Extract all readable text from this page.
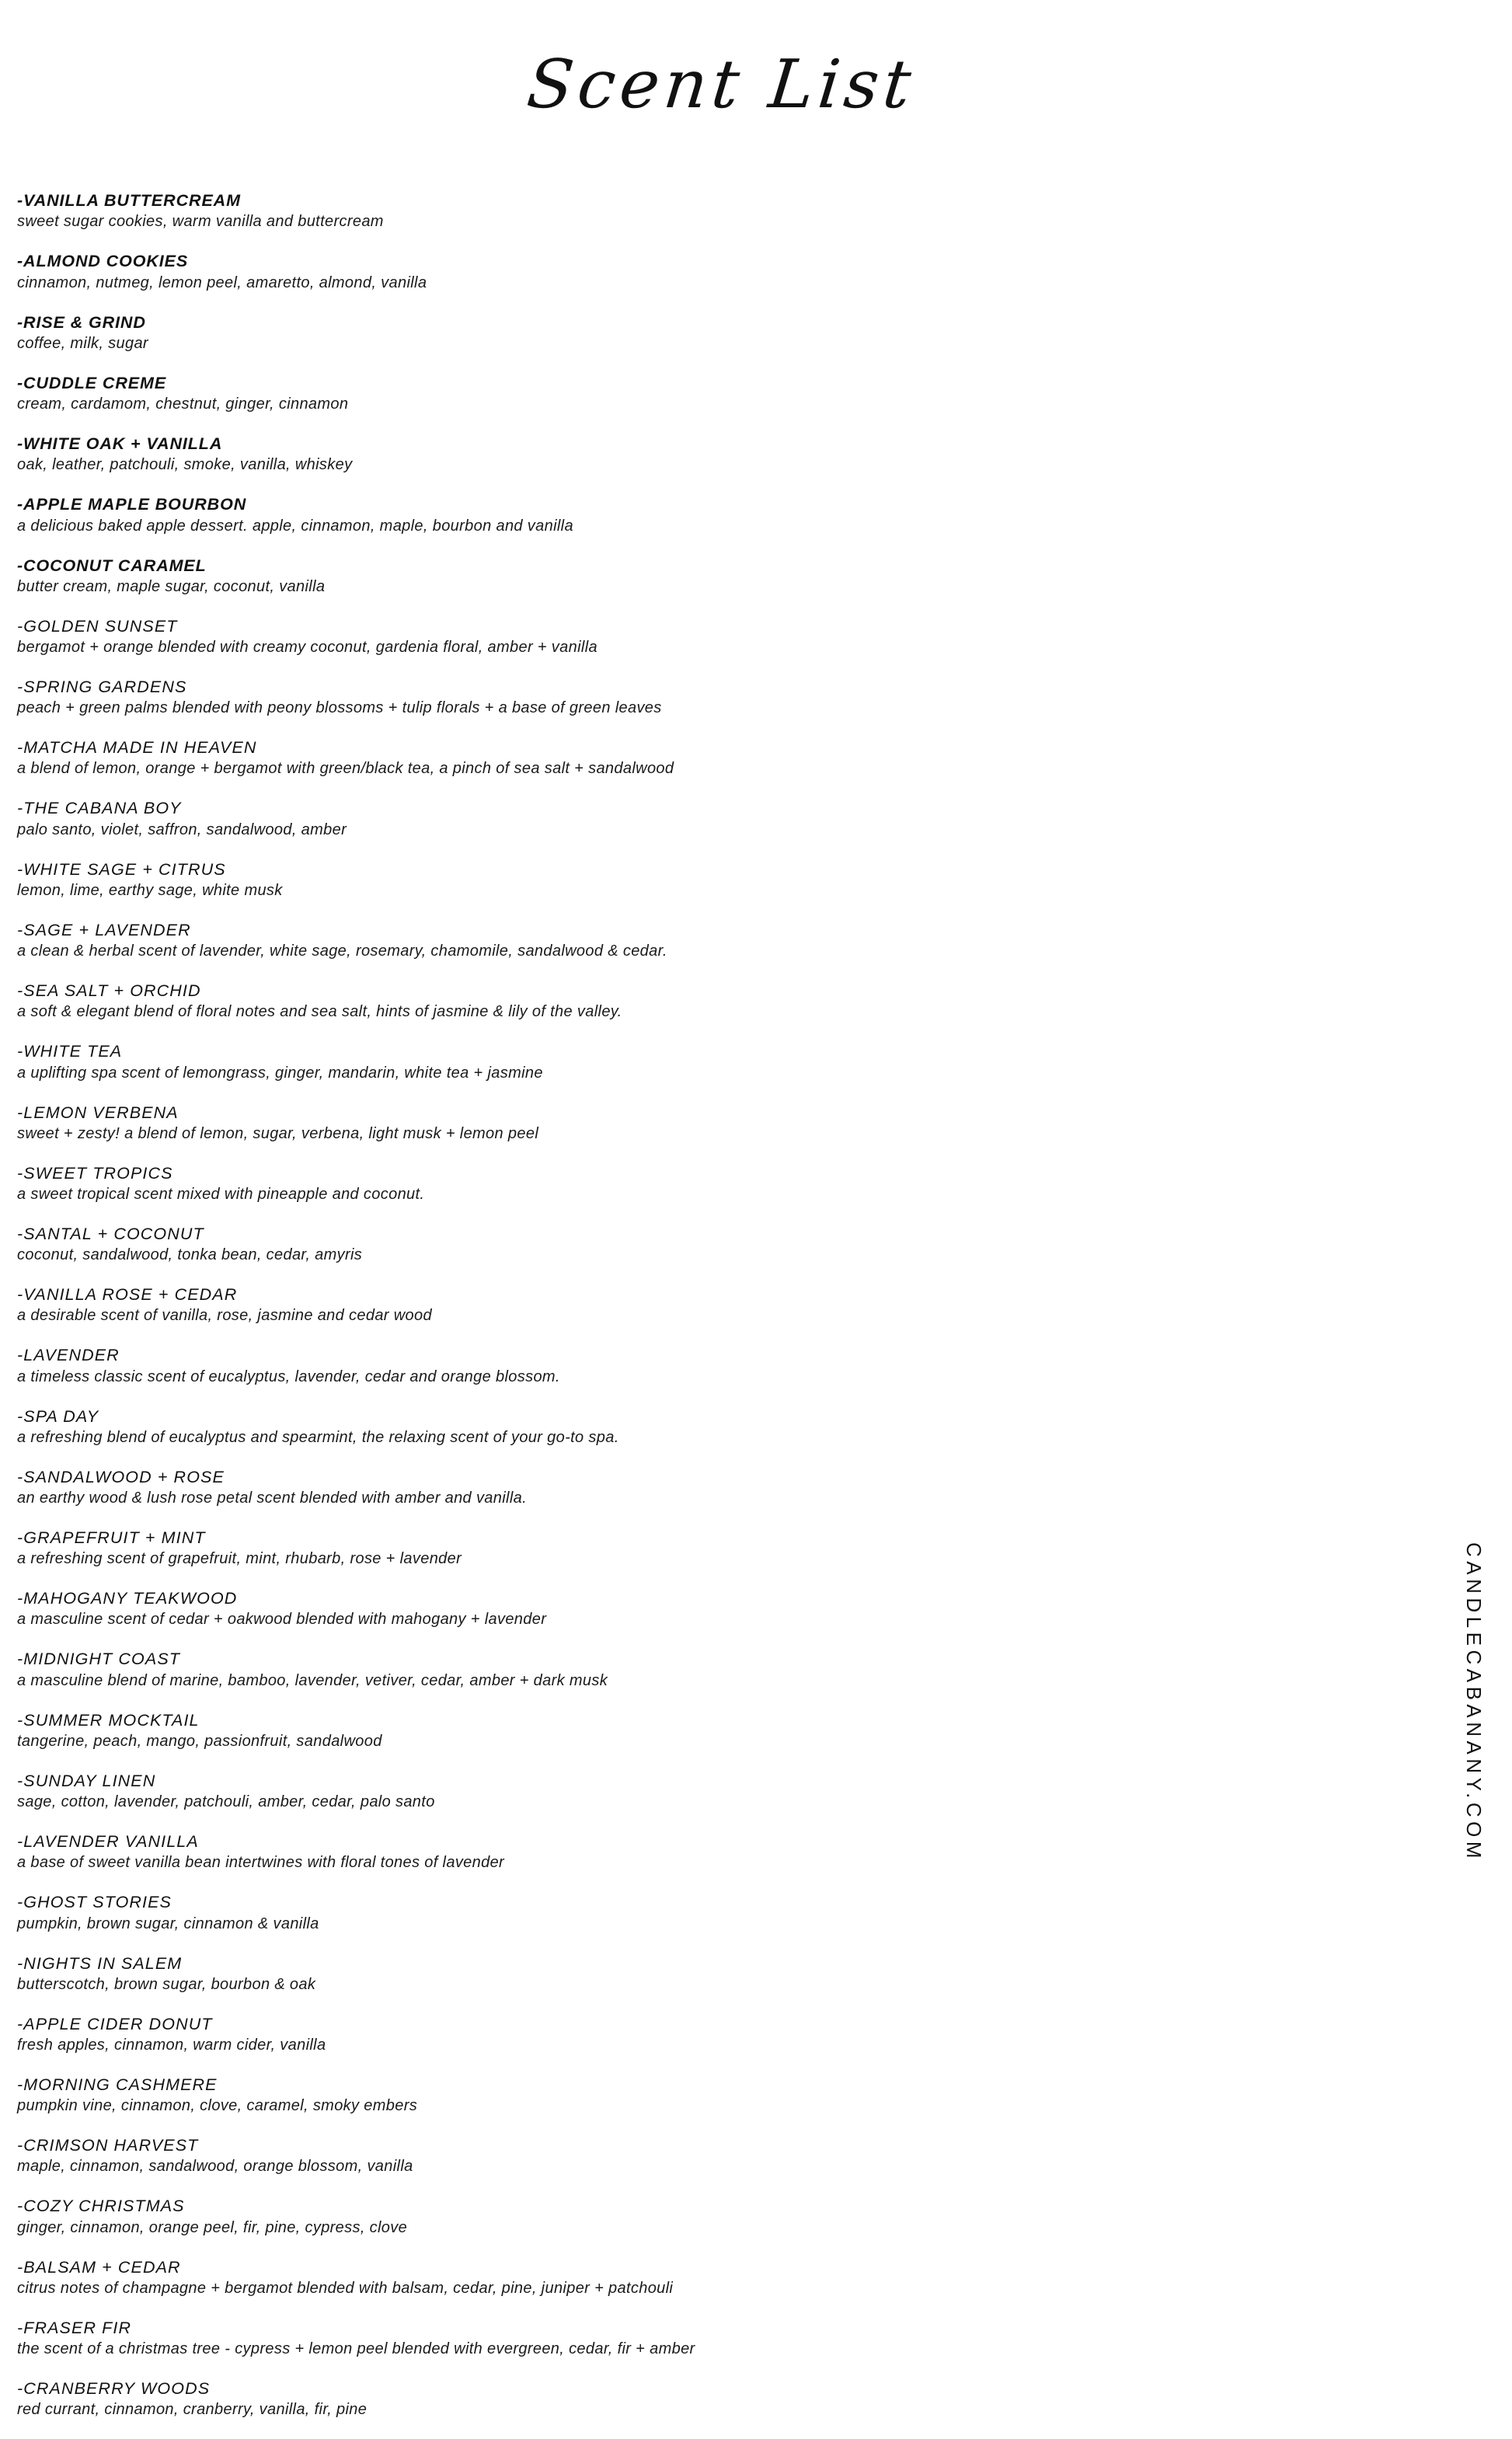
Scent List

-VANILLA BUTTERCREAM

sweet sugar cookies, warm vanilla and buttercream

-ALMOND COOKIES

cinnamon, nutmeg, lemon peel, amaretto, almond, vanilla

-RISE & GRIND

coffee, milk, sugar

-CUDDLE CREME

cream, cardamom, chestnut, ginger, cinnamon

-WHITE OAK + VANILLA

oak, leather, patchouli, smoke, vanilla, whiskey

-APPLE MAPLE BOURBON

a delicious baked apple dessert. apple, cinnamon, maple, bourbon and vanilla

-COCONUT CARAMEL

butter cream, maple sugar, coconut, vanilla

-GOLDEN SUNSET

bergamot + orange blended with creamy coconut, gardenia floral, amber + vanilla

-SPRING GARDENS

peach + green palms blended with peony blossoms + tulip florals + a base of green leaves

-MATCHA MADE IN HEAVEN

a blend of lemon, orange + bergamot with green/black tea, a pinch of sea salt + sandalwood

-THE CABANA BOY

palo santo, violet, saffron, sandalwood, amber

-WHITE SAGE + CITRUS

lemon, lime, earthy sage, white musk

-SAGE + LAVENDER

a clean & herbal scent of lavender, white sage, rosemary, chamomile, sandalwood & cedar.

-SEA SALT + ORCHID

a soft & elegant blend of floral notes and sea salt, hints of jasmine & lily of the valley.

-WHITE TEA

a uplifting spa scent of lemongrass, ginger, mandarin, white tea + jasmine

-LEMON VERBENA

sweet + zesty! a blend of lemon, sugar, verbena, light musk + lemon peel

-SWEET TROPICS

a sweet tropical scent mixed with pineapple and coconut.

-SANTAL + COCONUT

coconut, sandalwood, tonka bean, cedar, amyris

-VANILLA ROSE + CEDAR

a desirable scent of vanilla, rose, jasmine and cedar wood

-LAVENDER

a timeless classic scent of eucalyptus, lavender, cedar and orange blossom.

-SPA DAY

a refreshing blend of eucalyptus and spearmint, the relaxing scent of your go-to spa.

-SANDALWOOD + ROSE

an earthy wood & lush rose petal scent blended with amber and vanilla.

-GRAPEFRUIT + MINT

a refreshing scent of grapefruit, mint, rhubarb, rose + lavender

-MAHOGANY TEAKWOOD

a masculine scent of cedar + oakwood blended with mahogany + lavender

-MIDNIGHT COAST

a masculine blend of marine, bamboo, lavender, vetiver, cedar, amber + dark musk

-SUMMER MOCKTAIL

tangerine, peach, mango, passionfruit, sandalwood

-SUNDAY LINEN

sage, cotton, lavender, patchouli, amber, cedar, palo santo

-LAVENDER VANILLA

a base of sweet vanilla bean intertwines with floral tones of lavender

-GHOST STORIES

pumpkin, brown sugar, cinnamon & vanilla

-NIGHTS IN SALEM

butterscotch, brown sugar, bourbon & oak

-APPLE CIDER DONUT

fresh apples, cinnamon, warm cider, vanilla

-MORNING CASHMERE

pumpkin vine, cinnamon, clove, caramel, smoky embers

-CRIMSON HARVEST

maple, cinnamon, sandalwood, orange blossom, vanilla

-COZY CHRISTMAS

ginger, cinnamon, orange peel, fir, pine, cypress, clove

-BALSAM + CEDAR

citrus notes of champagne + bergamot blended with balsam, cedar, pine, juniper + patchouli

-FRASER FIR

the scent of a christmas tree - cypress + lemon peel blended with evergreen, cedar, fir + amber

-CRANBERRY WOODS

red currant, cinnamon, cranberry, vanilla, fir, pine

CANDLECABANANY.COM
